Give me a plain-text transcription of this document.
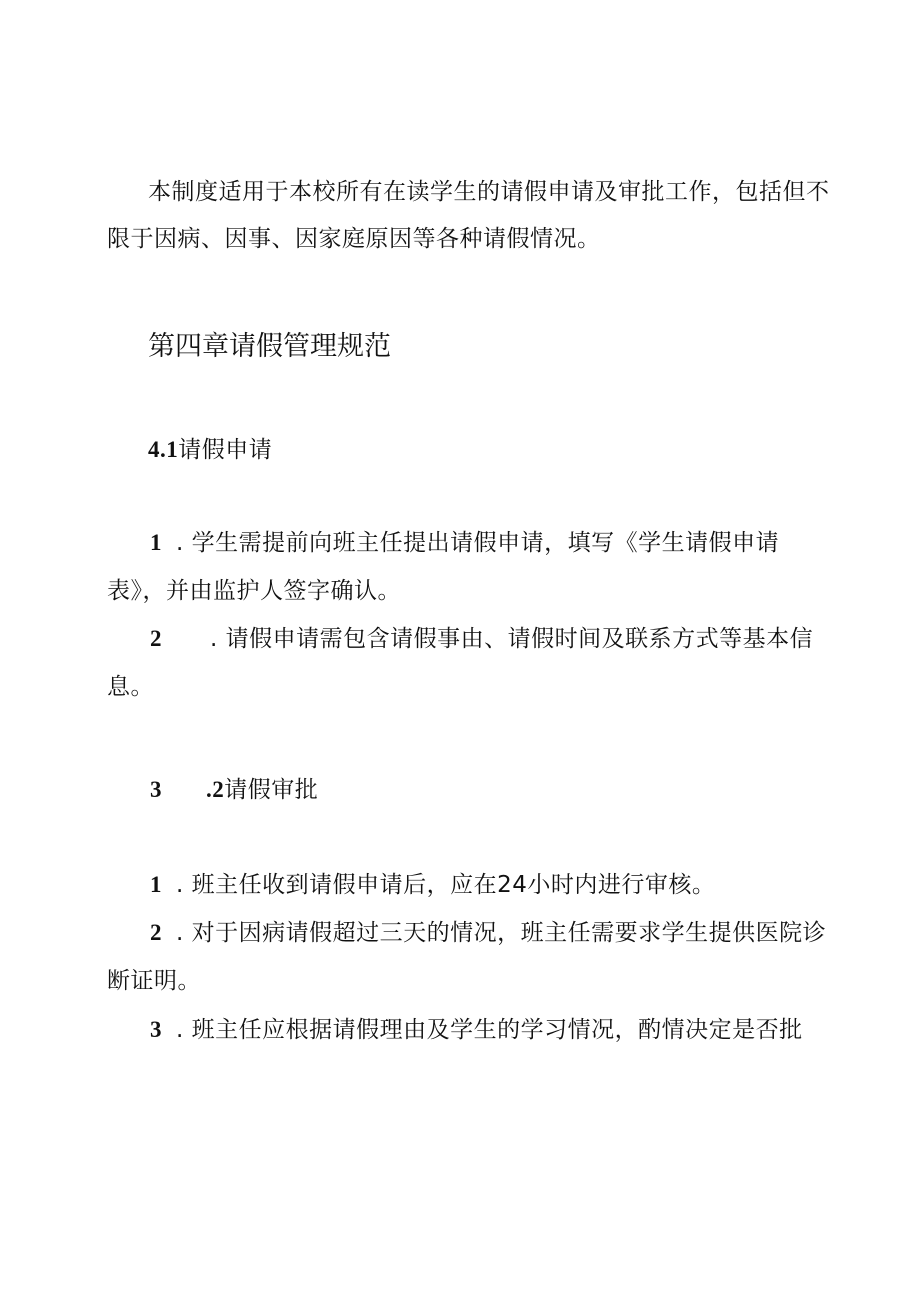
本制度适用于本校所有在读学生的请假申请及审批工作，包括但不
限于因病、因事、因家庭原因等各种请假情况。
第四章请假管理规范
4.1请假申请
1 . 学生需提前向班主任提出请假申请，填写《学生请假申请
表》，并由监护人签字确认。
2 . 请假申请需包含请假事由、请假时间及联系方式等基本信
息。
3 .2请假审批
1 . 班主任收到请假申请后，应在24小时内进行审核。
2 . 对于因病请假超过三天的情况，班主任需要求学生提供医院诊
断证明。
3 . 班主任应根据请假理由及学生的学习情况，酌情决定是否批
